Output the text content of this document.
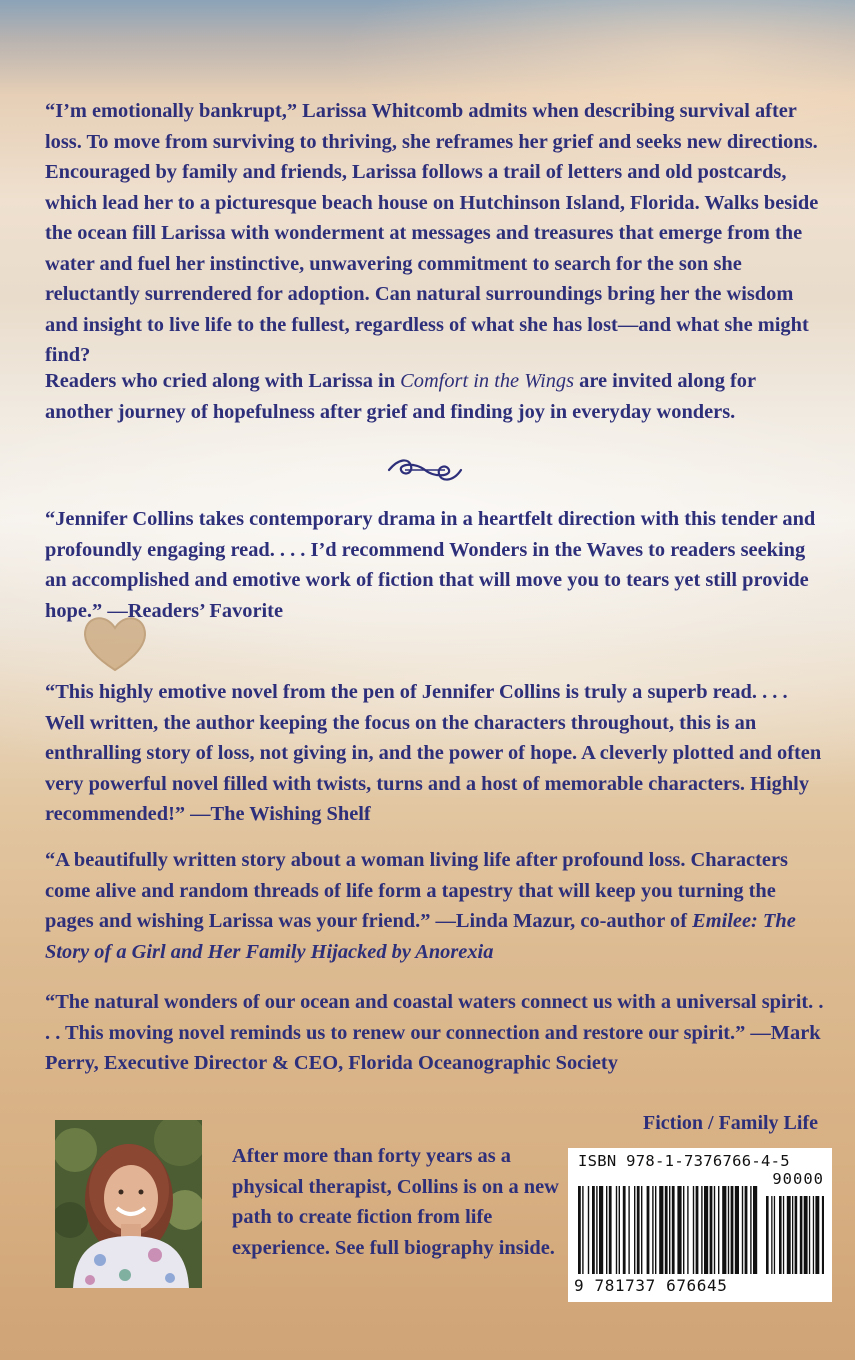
“I’m emotionally bankrupt,” Larissa Whitcomb admits when describing survival after loss. To move from surviving to thriving, she reframes her grief and seeks new directions. Encouraged by family and friends, Larissa follows a trail of letters and old postcards, which lead her to a picturesque beach house on Hutchinson Island, Florida. Walks beside the ocean fill Larissa with wonderment at messages and treasures that emerge from the water and fuel her instinctive, unwavering commitment to search for the son she reluctantly surrendered for adoption. Can natural surroundings bring her the wisdom and insight to live life to the fullest, regardless of what she has lost—and what she might find?

Readers who cried along with Larissa in Comfort in the Wings are invited along for another journey of hopefulness after grief and finding joy in everyday wonders.

“Jennifer Collins takes contemporary drama in a heartfelt direction with this tender and profoundly engaging read. . . . I’d recommend Wonders in the Waves to readers seeking an accomplished and emotive work of fiction that will move you to tears yet still provide hope.” —Readers’ Favorite

“This highly emotive novel from the pen of Jennifer Collins is truly a superb read. . . . Well written, the author keeping the focus on the characters throughout, this is an enthralling story of loss, not giving in, and the power of hope. A cleverly plotted and often very powerful novel filled with twists, turns and a host of memorable characters. Highly recommended!” —The Wishing Shelf

“A beautifully written story about a woman living life after profound loss. Characters come alive and random threads of life form a tapestry that will keep you turning the pages and wishing Larissa was your friend.” —Linda Mazur, co-author of Emilee: The Story of a Girl and Her Family Hijacked by Anorexia

“The natural wonders of our ocean and coastal waters connect us with a universal spirit. . . . This moving novel reminds us to renew our connection and restore our spirit.” —Mark Perry, Executive Director & CEO, Florida Oceanographic Society

Fiction / Family Life

After more than forty years as a physical therapist, Collins is on a new path to create fiction from life experience. See full biography inside.

ISBN 978-1-7376766-4-5
90000
9 781737 676645
